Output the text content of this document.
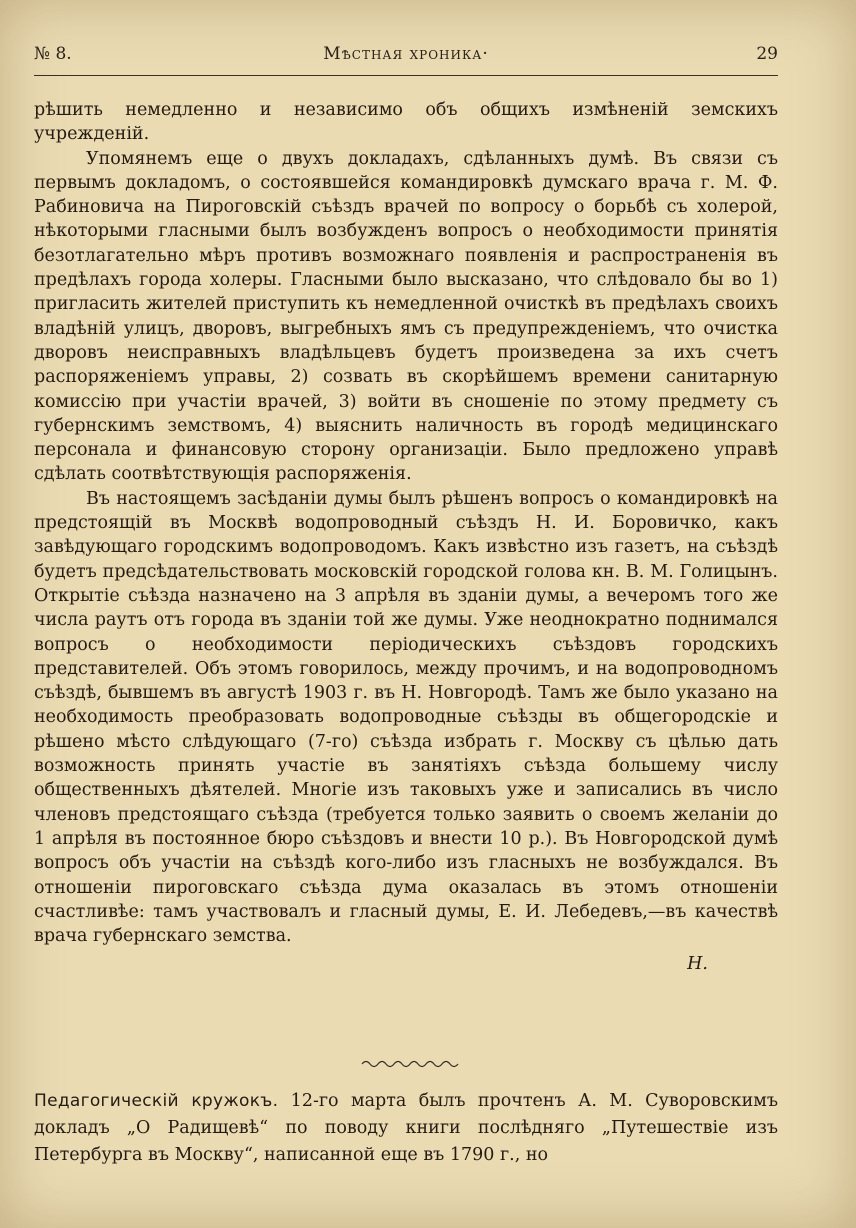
№ 8.	Мѣстная хроника·	29

рѣшить немедленно и независимо объ общихъ измѣненій земскихъ учрежденій.

Упомянемъ еще о двухъ докладахъ, сдѣланныхъ думѣ. Въ связи съ первымъ докладомъ, о состоявшейся командировкѣ думскаго врача г. М. Ф. Рабиновича на Пироговскій съѣздъ врачей по вопросу о борьбѣ съ холерой, нѣкоторыми гласными былъ возбужденъ вопросъ о необходимости принятія безотлагательно мѣръ противъ возможнаго появленія и распространенія въ предѣлахъ города холеры. Гласными было высказано, что слѣдовало бы во 1) пригласить жителей приступить къ немедленной очисткѣ въ предѣлахъ своихъ владѣній улицъ, дворовъ, выгребныхъ ямъ съ предупрежденіемъ, что очистка дворовъ неисправныхъ владѣльцевъ будетъ произведена за ихъ счетъ распоряженіемъ управы, 2) созвать въ скорѣйшемъ времени санитарную комиссію при участіи врачей, 3) войти въ сношеніе по этому предмету съ губернскимъ земствомъ, 4) выяснить наличность въ городѣ медицинскаго персонала и финансовую сторону организаціи. Было предложено управѣ сдѣлать соотвѣтствующія распоряженія.

Въ настоящемъ засѣданіи думы былъ рѣшенъ вопросъ о командировкѣ на предстоящій въ Москвѣ водопроводный съѣздъ Н. И. Боровичко, какъ завѣдующаго городскимъ водопроводомъ. Какъ извѣстно изъ газетъ, на съѣздѣ будетъ предсѣдательствовать московскій городской голова кн. В. М. Голицынъ. Открытіе съѣзда назначено на 3 апрѣля въ зданіи думы, а вечеромъ того же числа раутъ отъ города въ зданіи той же думы. Уже неоднократно поднимался вопросъ о необходимости періодическихъ съѣздовъ городскихъ представителей. Объ этомъ говорилось, между прочимъ, и на водопроводномъ съѣздѣ, бывшемъ въ августѣ 1903 г. въ Н. Новгородѣ. Тамъ же было указано на необходимость преобразовать водопроводные съѣзды въ общегородскіе и рѣшено мѣсто слѣдующаго (7-го) съѣзда избрать г. Москву съ цѣлью дать возможность принять участіе въ занятіяхъ съѣзда большему числу общественныхъ дѣятелей. Многіе изъ таковыхъ уже и записались въ число членовъ предстоящаго съѣзда (требуется только заявить о своемъ желаніи до 1 апрѣля въ постоянное бюро съѣздовъ и внести 10 р.). Въ Новгородской думѣ вопросъ объ участіи на съѣздѣ кого-либо изъ гласныхъ не возбуждался. Въ отношеніи пироговскаго съѣзда дума оказалась въ этомъ отношеніи счастливѣе: тамъ участвовалъ и гласный думы, Е. И. Лебедевъ,—въ качествѣ врача губернскаго земства.

Н.
Педагогическій кружокъ. 12-го марта былъ прочтенъ А. М. Суворовскимъ докладъ „О Радищевѣ“ по поводу книги послѣдняго „Путешествіе изъ Петербурга въ Москву“, написанной еще въ 1790 г., но
